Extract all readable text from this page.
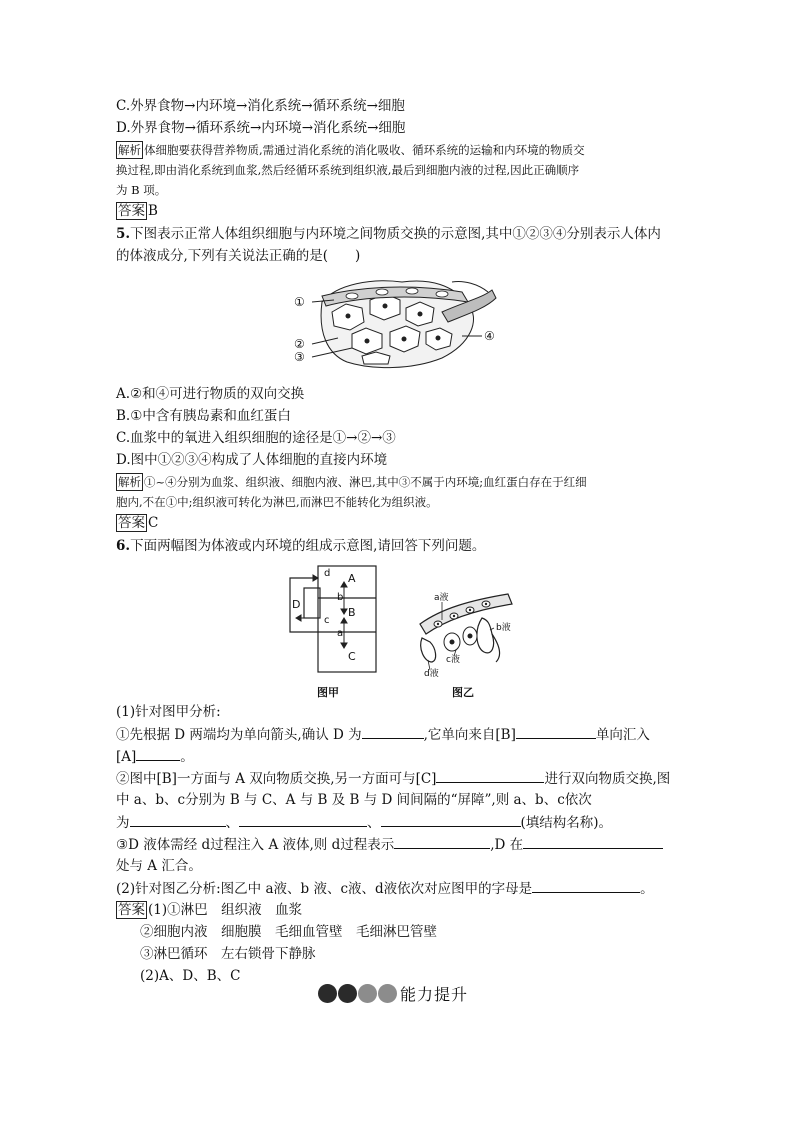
C.外界食物→内环境→消化系统→循环系统→细胞
D.外界食物→循环系统→内环境→消化系统→细胞
解析 体细胞要获得营养物质,需通过消化系统的消化吸收、循环系统的运输和内环境的物质交
换过程,即由消化系统到血浆,然后经循环系统到组织液,最后到细胞内液的过程,因此正确顺序
为 B 项。
答案 B
5.下图表示正常人体组织细胞与内环境之间物质交换的示意图,其中①②③④分别表示人体内
的体液成分,下列有关说法正确的是(　　)
①
②
③
④
A.②和④可进行物质的双向交换
B.①中含有胰岛素和血红蛋白
C.血浆中的氧进入组织细胞的途径是①→②→③
D.图中①②③④构成了人体细胞的直接内环境
解析 ①~④分别为血浆、组织液、细胞内液、淋巴,其中③不属于内环境;血红蛋白存在于红细
胞内,不在①中;组织液可转化为淋巴,而淋巴不能转化为组织液。
答案 C
6.下面两幅图为体液或内环境的组成示意图,请回答下列问题。
d A
D
b
B
c
a
C
图甲
a液
b液
c液
d液
图乙
(1)针对图甲分析:
①先根据 D 两端均为单向箭头,确认 D 为	,它单向来自[B]	单向汇入
[A]	。
②图中[B]一方面与 A 双向物质交换,另一方面可与[C]	进行双向物质交换,图
中 a、b、c分别为 B 与 C、A 与 B 及 B 与 D 间间隔的“屏障”,则 a、b、c依次
为	、	、	(填结构名称)。
③D 液体需经 d过程注入 A 液体,则 d过程表示	,D 在
处与 A 汇合。
(2)针对图乙分析:图乙中 a液、b 液、c液、d液依次对应图甲的字母是	。
答案 (1)①淋巴　组织液　血浆
②细胞内液　细胞膜　毛细血管壁　毛细淋巴管壁
③淋巴循环　左右锁骨下静脉
(2)A、D、B、C
能力提升
